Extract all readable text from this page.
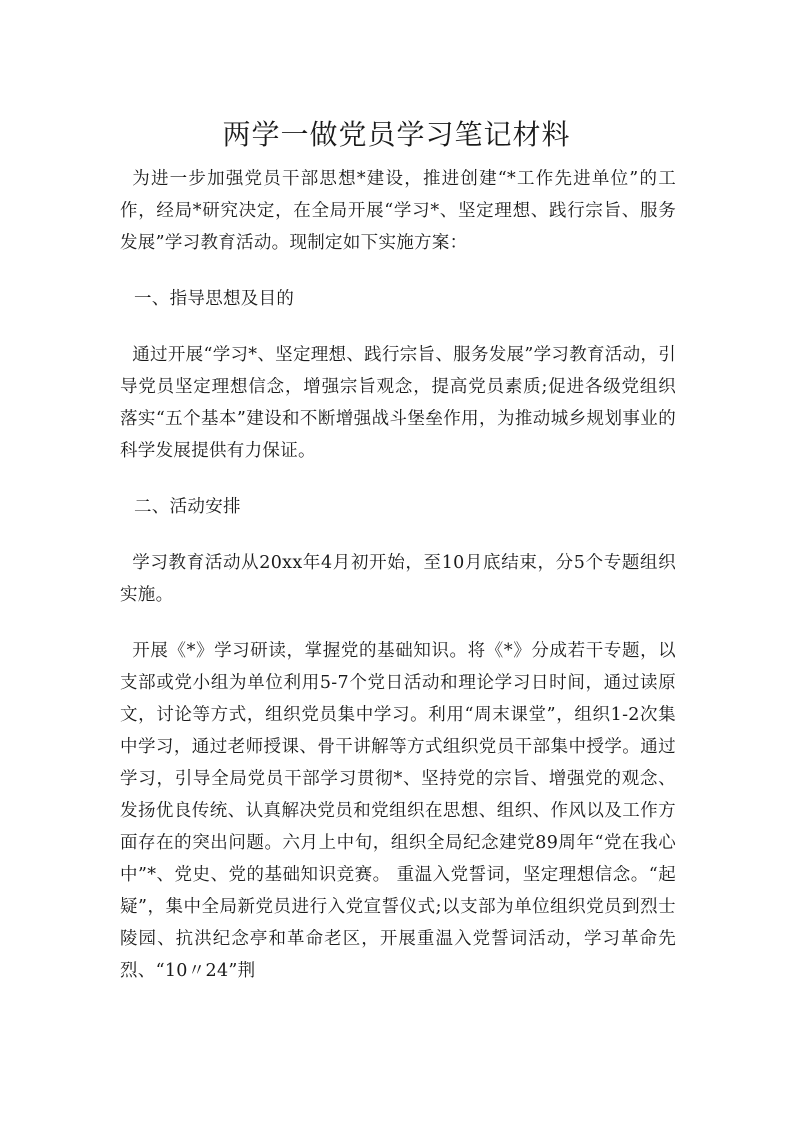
两学一做党员学习笔记材料

为进一步加强党员干部思想*建设，推进创建“*工作先进单位”的工作，经局*研究决定，在全局开展“学习*、坚定理想、践行宗旨、服务发展”学习教育活动。现制定如下实施方案：

一、指导思想及目的

通过开展“学习*、坚定理想、践行宗旨、服务发展”学习教育活动，引导党员坚定理想信念，增强宗旨观念，提高党员素质;促进各级党组织落实“五个基本”建设和不断增强战斗堡垒作用，为推动城乡规划事业的科学发展提供有力保证。

二、活动安排

学习教育活动从20xx年4月初开始，至10月底结束，分5个专题组织实施。

开展《*》学习研读，掌握党的基础知识。将《*》分成若干专题，以支部或党小组为单位利用5-7个党日活动和理论学习日时间，通过读原文，讨论等方式，组织党员集中学习。利用“周末课堂”，组织1-2次集中学习，通过老师授课、骨干讲解等方式组织党员干部集中授学。通过学习，引导全局党员干部学习贯彻*、坚持党的宗旨、增强党的观念、发扬优良传统、认真解决党员和党组织在思想、组织、作风以及工作方面存在的突出问题。六月上中旬，组织全局纪念建党89周年“党在我心中”*、党史、党的基础知识竞赛。 重温入党誓词，坚定理想信念。“起疑”，集中全局新党员进行入党宣誓仪式;以支部为单位组织党员到烈士陵园、抗洪纪念亭和革命老区，开展重温入党誓词活动，学习革命先烈、“10〃24”荆
